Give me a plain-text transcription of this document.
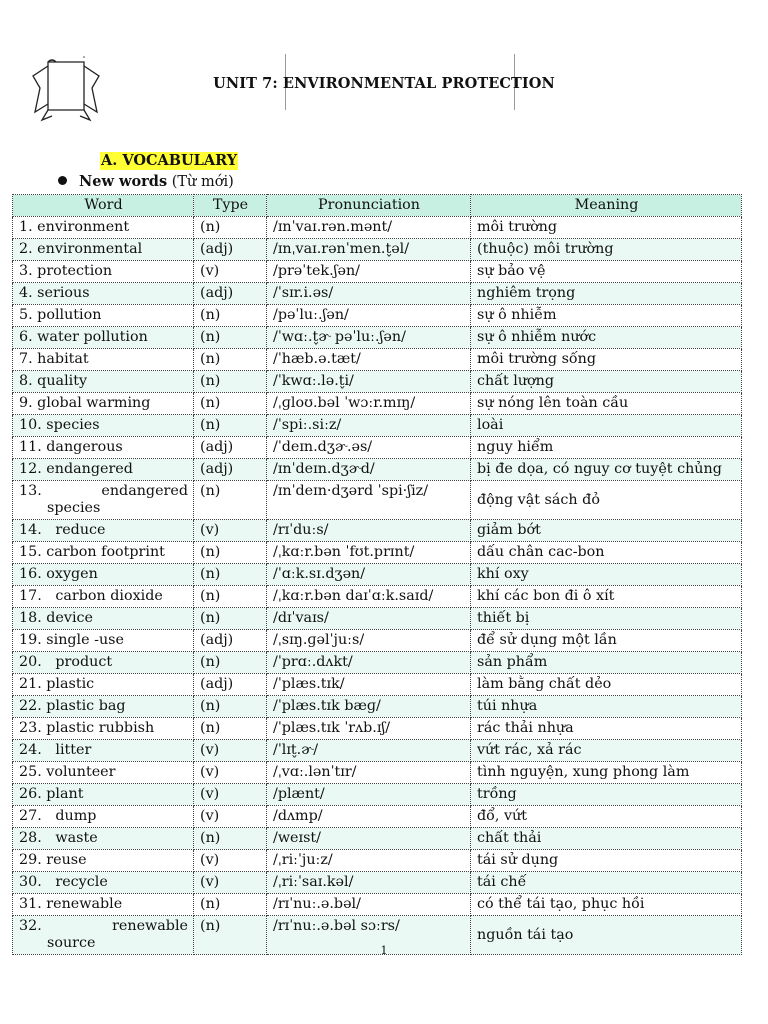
UNIT 7: ENVIRONMENTAL PROTECTION
A. VOCABULARY
New words (Từ mới)
Word	Type	Pronunciation	Meaning
1. environment	(n)	/ɪnˈvaɪ.rən.mənt/	môi trường
2. environmental	(adj)	/ɪnˌvaɪ.rənˈmen.t̬əl/	(thuộc) môi trường
3. protection	(v)	/prəˈtek.ʃən/	sự bảo vệ
4. serious	(adj)	/ˈsɪr.i.əs/	nghiêm trọng
5. pollution	(n)	/pəˈluː.ʃən/	sự ô nhiễm
6. water pollution	(n)	/ˈwɑː.t̬ɚ pəˈluː.ʃən/	sự ô nhiễm nước
7. habitat	(n)	/ˈhæb.ə.tæt/	môi trường sống
8. quality	(n)	/ˈkwɑː.lə.t̬i/	chất lượng
9. global warming	(n)	/ˌɡloʊ.bəl ˈwɔːr.mɪŋ/	sự nóng lên toàn cầu
10. species	(n)	/ˈspiː.siːz/	loài
11. dangerous	(adj)	/ˈdeɪn.dʒɚ.əs/	nguy hiểm
12. endangered	(adj)	/ɪnˈdeɪn.dʒɚd/	bị đe dọa, có nguy cơ tuyệt chủng

13. endangered
species	(n)	/ɪnˈdeɪn·dʒərd ˈspi·ʃiz/	động vật sách đỏ
14.   reduce	(v)	/rɪˈduːs/	giảm bớt
15. carbon footprint	(n)	/ˌkɑːr.bən ˈfʊt.prɪnt/	dấu chân cac-bon
16. oxygen	(n)	/ˈɑːk.sɪ.dʒən/	khí oxy
17.   carbon dioxide	(n)	/ˌkɑːr.bən daɪˈɑːk.saɪd/	khí các bon đi ô xít
18. device	(n)	/dɪˈvaɪs/	thiết bị
19. single -use	(adj)	/ˌsɪŋ.ɡəlˈjuːs/	để sử dụng một lần
20.   product	(n)	/ˈprɑː.dʌkt/	sản phẩm
21. plastic	(adj)	/ˈplæs.tɪk/	làm bằng chất dẻo
22. plastic bag	(n)	/ˈplæs.tɪk bæɡ/	túi nhựa
23. plastic rubbish	(n)	/ˈplæs.tɪk ˈrʌb.ɪʃ/	rác thải nhựa
24.   litter	(v)	/ˈlɪt̬.ɚ/	vứt rác, xả rác
25. volunteer	(v)	/ˌvɑː.lənˈtɪr/	tình nguyện, xung phong làm
26. plant	(v)	/plænt/	trồng
27.   dump	(v)	/dʌmp/	đổ, vứt
28.   waste	(n)	/weɪst/	chất thải
29. reuse	(v)	/ˌriːˈjuːz/	tái sử dụng
30.   recycle	(v)	/ˌriːˈsaɪ.kəl/	tái chế
31. renewable	(n)	/rɪˈnuː.ə.bəl/	có thể tái tạo, phục hồi

32. renewable
source	(n)	/rɪˈnuː.ə.bəl sɔːrs/	nguồn tái tạo
1
